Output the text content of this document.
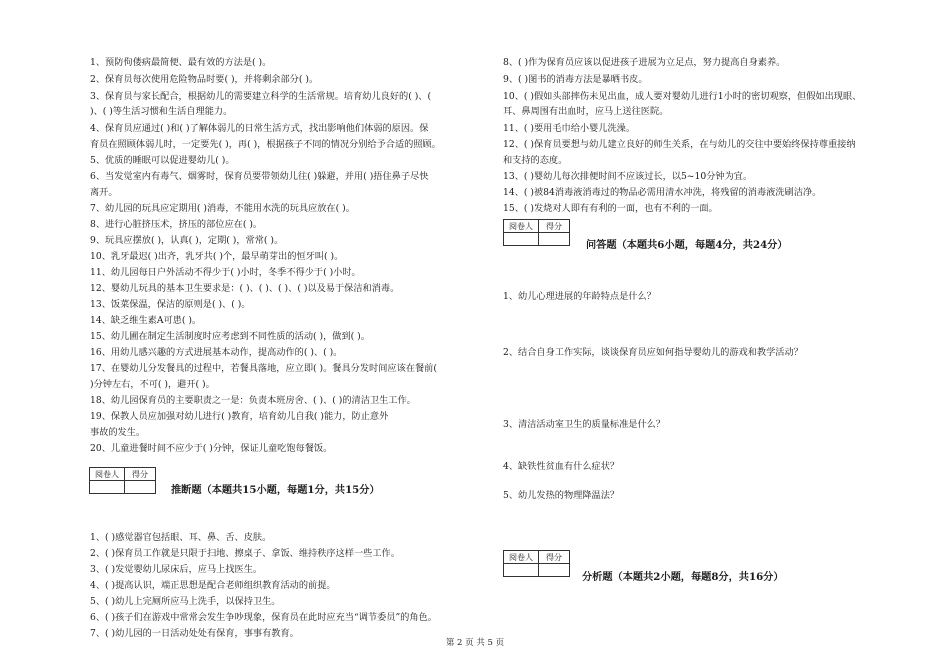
1、预防佝偻病最简便、最有效的方法是( )。
2、保育员每次使用危险物品时要( )，并将剩余部分( )。
3、保育员与家长配合，根据幼儿的需要建立科学的生活常规。培育幼儿良好的( )、(
)、( )等生活习惯和生活自理能力。
4、保育员应通过( )和( )了解体弱儿的日常生活方式，找出影响他们体弱的原因。保
育员在照顾体弱儿时，一定要先( )，再( )，根据孩子不同的情况分别给予合适的照顾。
5、优质的睡眠可以促进婴幼儿( )。
6、当发觉室内有毒气、烟雾时，保育员要带领幼儿往( )躲避，并用( )捂住鼻子尽快
离开。
7、幼儿园的玩具应定期用( )消毒，不能用水洗的玩具应放在( )。
8、进行心脏挤压术，挤压的部位应在( )。
9、玩具应摆放( )，认真( )，定期( )，常常( )。
10、乳牙最迟( )出齐，乳牙共( )个，最早萌芽出的恒牙叫( )。
11、幼儿园每日户外活动不得少于( )小时，冬季不得少于( )小时。
12、婴幼儿玩具的基本卫生要求是：( )、( )、( )、( )以及易于保洁和消毒。
13、饭菜保温，保洁的原则是( )、( )。
14、缺乏维生素A可患( )。
15、幼儿圃在制定生活制度时应考虑到不同性质的活动( )，做到( )。
16、用幼儿感兴趣的方式进展基本动作，提高动作的( )、( )。
17、在婴幼儿分发餐具的过程中，若餐具落地，应立即( )。餐具分发时间应该在餐前(
)分钟左右，不可( )，避开( )。
18、幼儿园保育员的主要职责之一是：负责本班房舍、( )、( )的清洁卫生工作。
19、保教人员应加强对幼儿进行( )教育，培育幼儿自我( )能力，防止意外
事故的发生。
20、儿童进餐时间不应少于( )分钟，保证儿童吃饱每餐饭。
阅卷人	得分

推断题（本题共15小题，每题1分，共15分）
1、( )感觉器官包括眼、耳、鼻、舌、皮肤。
2、( )保育员工作就是只限于扫地、擦桌子、拿饭、维持秩序这样一些工作。
3、( )发觉婴幼儿尿床后，应马上找医生。
4、( )提高认识，端正思想是配合老师组织教育活动的前提。
5、( )幼儿上完厕所应马上洗手，以保持卫生。
6、( )孩子们在游戏中常常会发生争吵现象，保育员在此时应充当“调节委员”的角色。
7、( )幼儿园的一日活动处处有保育，事事有教育。
8、( )作为保育员应该以促进孩子进展为立足点，努力提高自身素养。
9、( )图书的消毒方法是暴晒书皮。
10、( )假如头部摔伤未见出血，成人要对婴幼儿进行1小时的密切观察，但假如出现眼、
耳、鼻周围有出血时，应马上送往医院。
11、( )要用毛巾给小婴儿洗澡。
12、( )保育员要想与幼儿建立良好的师生关系，在与幼儿的交往中要始终保持尊重接纳
和支持的态度。
13、( )婴幼儿每次排便时间不应该过长，以5~10分钟为宜。
14、( )被84消毒液消毒过的物品必需用清水冲洗，将残留的消毒液洗刷洁净。
15、( )发烧对人即有有利的一面，也有不利的一面。
阅卷人	得分

问答题（本题共6小题，每题4分，共24分）
1、幼儿心理进展的年龄特点是什么？
2、结合自身工作实际，谈谈保育员应如何指导婴幼儿的游戏和教学活动？
3、清洁活动室卫生的质量标准是什么？
4、缺铁性贫血有什么症状？
5、幼儿发热的物理降温法？
阅卷人	得分

分析题（本题共2小题，每题8分，共16分）
第 2 页 共 5 页
